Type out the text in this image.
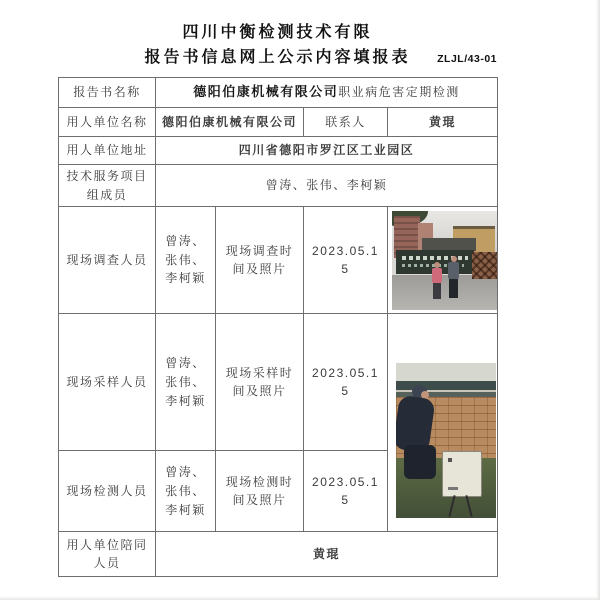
四川中衡检测技术有限
报告书信息网上公示内容填报表	ZLJL/43-01
报告书名称	德阳伯康机械有限公司职业病危害定期检测			
用人单位名称	德阳伯康机械有限公司		联系人	黄琨
用人单位地址	四川省德阳市罗江区工业园区			
技术服务项目组成员	曾涛、张伟、李柯颖			
现场调查人员	曾涛、张伟、李柯颖	现场调查时间及照片	2023.05.15	

现场采样人员	曾涛、张伟、李柯颖	现场采样时间及照片	2023.05.15	

现场检测人员	曾涛、张伟、李柯颖	现场检测时间及照片	2023.05.15	
用人单位陪同人员	黄琨			
